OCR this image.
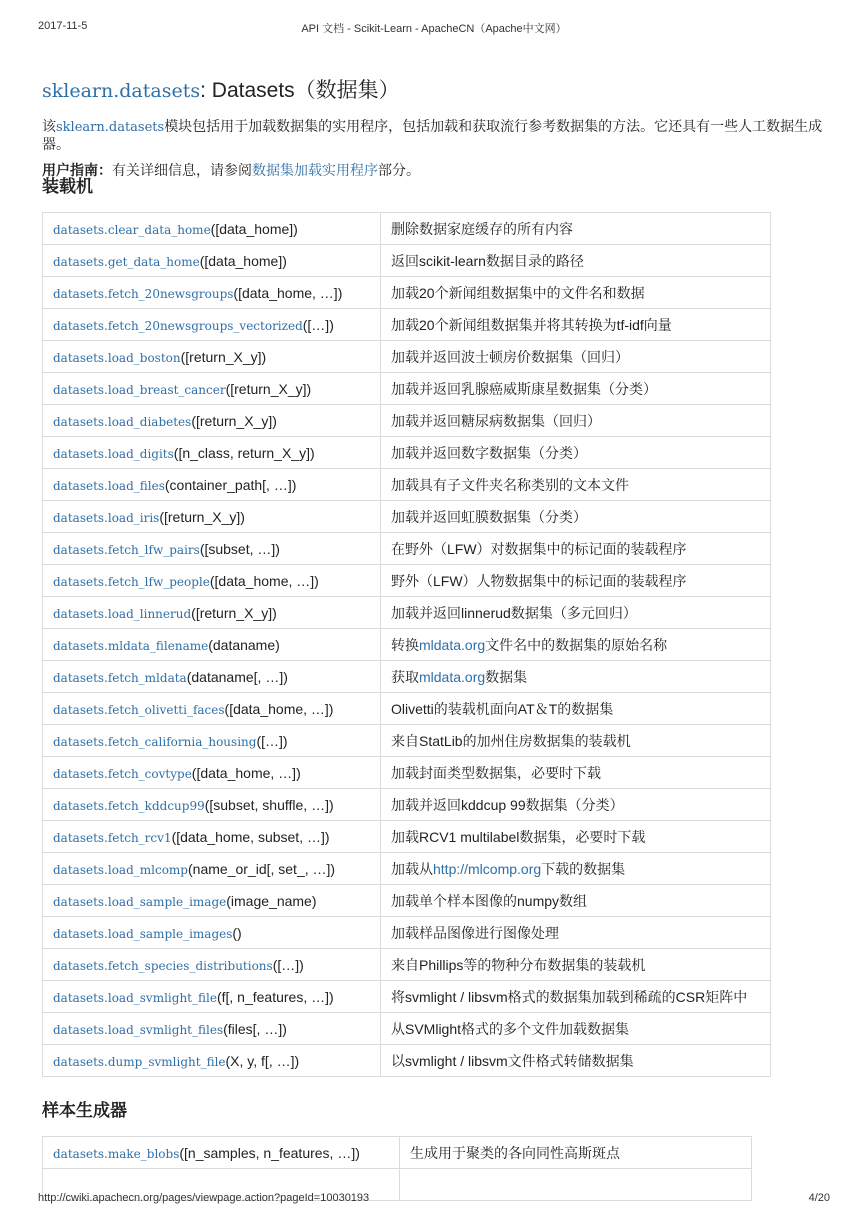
2017-11-5	API 文档 - Scikit-Learn - ApacheCN（Apache中文网）
sklearn.datasets: Datasets（数据集）
该sklearn.datasets模块包括用于加载数据集的实用程序，包括加载和获取流行参考数据集的方法。它还具有一些人工数据生成器。
用户指南：有关详细信息，请参阅数据集加载实用程序部分。
装载机
datasets.clear_data_home([data_home])	删除数据家庭缓存的所有内容
datasets.get_data_home([data_home])	返回scikit-learn数据目录的路径
datasets.fetch_20newsgroups([data_home, …])	加载20个新闻组数据集中的文件名和数据
datasets.fetch_20newsgroups_vectorized([…])	加载20个新闻组数据集并将其转换为tf-idf向量
datasets.load_boston([return_X_y])	加载并返回波士顿房价数据集（回归）
datasets.load_breast_cancer([return_X_y])	加载并返回乳腺癌威斯康星数据集（分类）
datasets.load_diabetes([return_X_y])	加载并返回糖尿病数据集（回归）
datasets.load_digits([n_class, return_X_y])	加载并返回数字数据集（分类）
datasets.load_files(container_path[, …])	加载具有子文件夹名称类别的文本文件
datasets.load_iris([return_X_y])	加载并返回虹膜数据集（分类）
datasets.fetch_lfw_pairs([subset, …])	在野外（LFW）对数据集中的标记面的装载程序
datasets.fetch_lfw_people([data_home, …])	野外（LFW）人物数据集中的标记面的装载程序
datasets.load_linnerud([return_X_y])	加载并返回linnerud数据集（多元回归）
datasets.mldata_filename(dataname)	转换mldata.org文件名中的数据集的原始名称
datasets.fetch_mldata(dataname[, …])	获取mldata.org数据集
datasets.fetch_olivetti_faces([data_home, …])	Olivetti的装载机面向AT＆T的数据集
datasets.fetch_california_housing([…])	来自StatLib的加州住房数据集的装载机
datasets.fetch_covtype([data_home, …])	加载封面类型数据集，必要时下载
datasets.fetch_kddcup99([subset, shuffle, …])	加载并返回kddcup 99数据集（分类）
datasets.fetch_rcv1([data_home, subset, …])	加载RCV1 multilabel数据集，必要时下载
datasets.load_mlcomp(name_or_id[, set_, …])	加载从http://mlcomp.org下载的数据集
datasets.load_sample_image(image_name)	加载单个样本图像的numpy数组
datasets.load_sample_images()	加载样品图像进行图像处理
datasets.fetch_species_distributions([…])	来自Phillips等的物种分布数据集的装载机
datasets.load_svmlight_file(f[, n_features, …])	将svmlight / libsvm格式的数据集加载到稀疏的CSR矩阵中
datasets.load_svmlight_files(files[, …])	从SVMlight格式的多个文件加载数据集
datasets.dump_svmlight_file(X, y, f[, …])	以svmlight / libsvm文件格式转储数据集
样本生成器
datasets.make_blobs([n_samples, n_features, …])	生成用于聚类的各向同性高斯斑点

http://cwiki.apachecn.org/pages/viewpage.action?pageId=10030193	4/20
